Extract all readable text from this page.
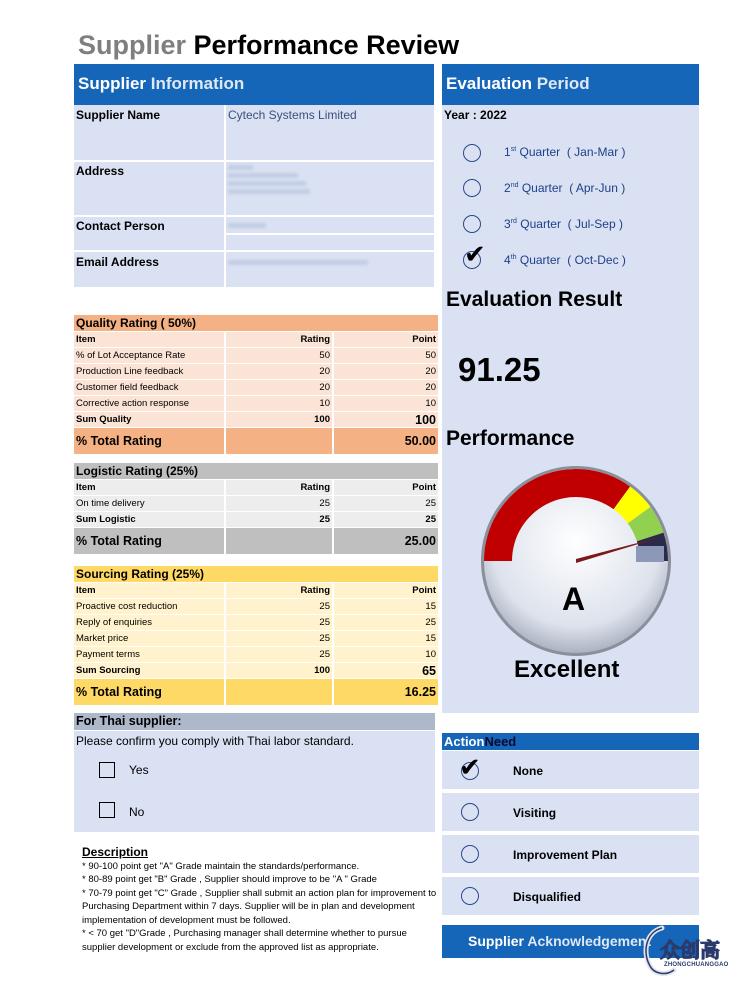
Supplier Performance Review
Supplier Information
Supplier Name	Cytech Systems Limited
Address
Contact Person
Email Address
Quality Rating ( 50%)		
Item	Rating	Point
% of Lot Acceptance Rate	50	50
Production Line feedback	20	20
Customer field feedback	20	20
Corrective action response	10	10
Sum Quality	100	100
% Total Rating		50.00
Logistic Rating (25%)		
Item	Rating	Point
On time delivery	25	25
Sum Logistic	25	25
% Total Rating		25.00
Sourcing Rating (25%)		
Item	Rating	Point
Proactive cost reduction	25	15
Reply of enquiries	25	25
Market price	25	15
Payment terms	25	10
Sum Sourcing	100	65
% Total Rating		16.25
For Thai supplier:
Please confirm you comply with Thai labor standard.
Yes
No
Description
* 90-100 point get "A" Grade maintain the standards/performance.
* 80-89 point get "B" Grade , Supplier should improve to be "A " Grade
* 70-79 point get "C" Grade , Supplier shall submit an action plan for improvement to Purchasing Department within 7 days. Supplier will be in plan and development implementation of development must be followed.
* < 70 get "D"Grade , Purchasing manager shall determine whether to pursue supplier development or exclude from the approved list as appropriate.
Evaluation Period
Year : 2022
1st Quarter ( Jan-Mar )
2nd Quarter ( Apr-Jun )
3rd Quarter ( Jul-Sep )
✔ 4th Quarter ( Oct-Dec )
Evaluation Result
91.25
Performance
A
Excellent
ActionNeed
✔	None
Visiting
Improvement Plan
Disqualified
Supplier Acknowledgement 众创高
ZHONGCHUANGGAO
